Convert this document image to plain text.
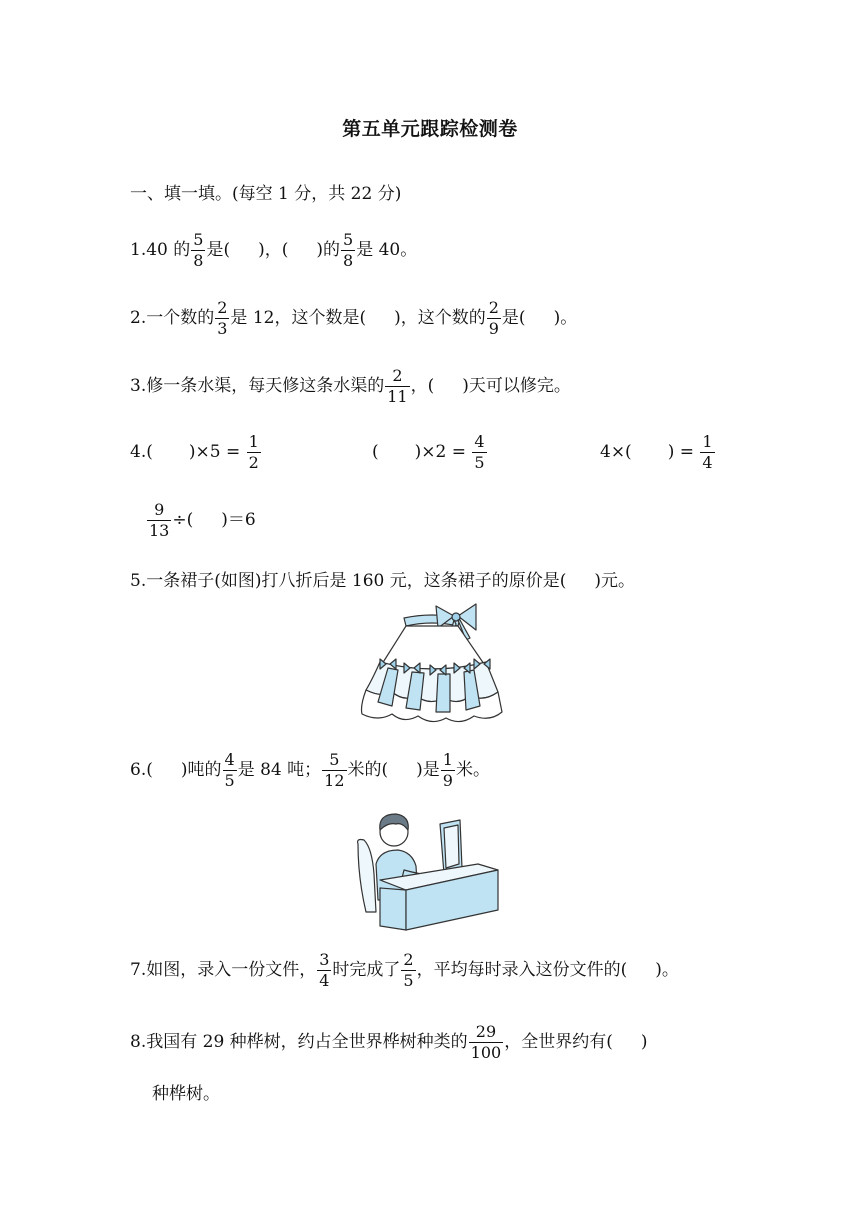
第五单元跟踪检测卷
一、填一填。(每空 1 分，共 22 分)
1.40 的 $\frac{5}{8}$ 是( )，( )的 $\frac{5}{8}$ 是 40。
2.一个数的 $\frac{2}{3}$ 是 12，这个数是( )，这个数的 $\frac{2}{9}$ 是( )。
3.修一条水渠，每天修这条水渠的 $\frac{2}{11}$ ，( )天可以修完。
4.( )$\times 5 = \frac{1}{2}$	( )$\times 2 = \frac{4}{5}$	4×( ) = $\frac{1}{4}$
$\frac{9}{13}$ ÷( )＝6
5.一条裙子(如图)打八折后是 160 元，这条裙子的原价是( )元。
6.( )吨的 $\frac{4}{5}$ 是 84 吨； $\frac{5}{12}$ 米的( )是 $\frac{1}{9}$ 米。
7.如图，录入一份文件， $\frac{3}{4}$ 时完成了 $\frac{2}{5}$ ，平均每时录入这份文件的( )。
8.我国有 29 种桦树，约占全世界桦树种类的 $\frac{29}{100}$ ，全世界约有( )
种桦树。
